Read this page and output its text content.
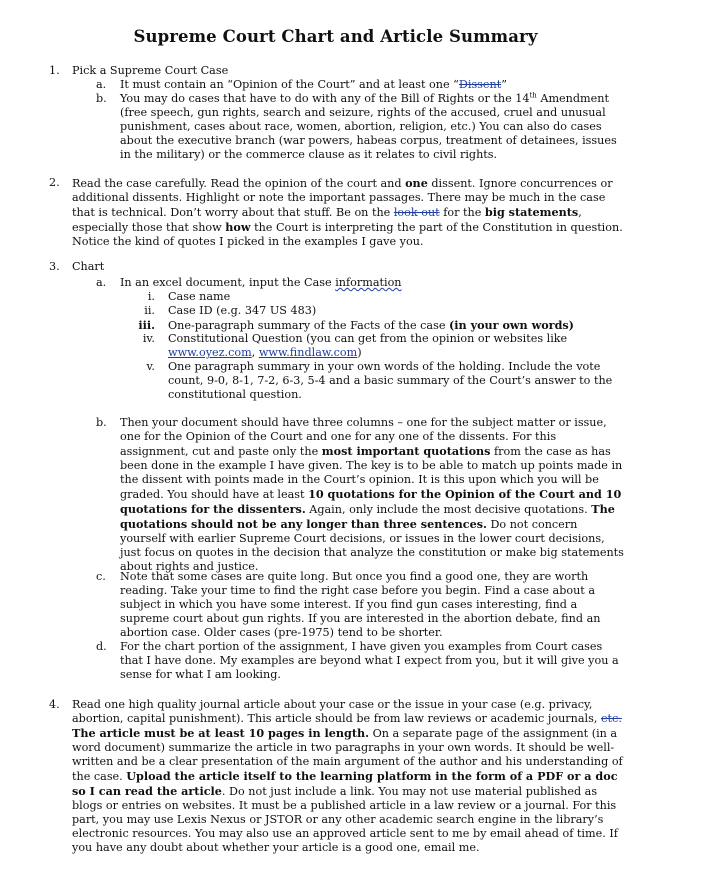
Supreme Court Chart and Article Summary
1. Pick a Supreme Court Case
a. It must contain an “Opinion of the Court” and at least one “Dissent”
b. You may do cases that have to do with any of the Bill of Rights or the 14th Amendment (free speech, gun rights, search and seizure, rights of the accused, cruel and unusual punishment, cases about race, women, abortion, religion, etc.) You can also do cases about the executive branch (war powers, habeas corpus, treatment of detainees, issues in the military) or the commerce clause as it relates to civil rights.
2. Read the case carefully. Read the opinion of the court and one dissent. Ignore concurrences or additional dissents. Highlight or note the important passages. There may be much in the case that is technical. Don’t worry about that stuff. Be on the look out for the big statements, especially those that show how the Court is interpreting the part of the Constitution in question. Notice the kind of quotes I picked in the examples I gave you.
3. Chart
a. In an excel document, input the Case information
i. Case name
ii. Case ID (e.g. 347 US 483)
iii. One-paragraph summary of the Facts of the case (in your own words)
iv. Constitutional Question (you can get from the opinion or websites like www.oyez.com, www.findlaw.com)
v. One paragraph summary in your own words of the holding. Include the vote count, 9-0, 8-1, 7-2, 6-3, 5-4 and a basic summary of the Court’s answer to the constitutional question.
b. Then your document should have three columns – one for the subject matter or issue, one for the Opinion of the Court and one for any one of the dissents. For this assignment, cut and paste only the most important quotations from the case as has been done in the example I have given. The key is to be able to match up points made in the dissent with points made in the Court’s opinion. It is this upon which you will be graded. You should have at least 10 quotations for the Opinion of the Court and 10 quotations for the dissenters. Again, only include the most decisive quotations. The quotations should not be any longer than three sentences. Do not concern yourself with earlier Supreme Court decisions, or issues in the lower court decisions, just focus on quotes in the decision that analyze the constitution or make big statements about rights and justice.
c. Note that some cases are quite long. But once you find a good one, they are worth reading. Take your time to find the right case before you begin. Find a case about a subject in which you have some interest. If you find gun cases interesting, find a supreme court about gun rights. If you are interested in the abortion debate, find an abortion case. Older cases (pre-1975) tend to be shorter.
d. For the chart portion of the assignment, I have given you examples from Court cases that I have done. My examples are beyond what I expect from you, but it will give you a sense for what I am looking.
4. Read one high quality journal article about your case or the issue in your case (e.g. privacy, abortion, capital punishment). This article should be from law reviews or academic journals, etc. The article must be at least 10 pages in length. On a separate page of the assignment (in a word document) summarize the article in two paragraphs in your own words. It should be well-written and be a clear presentation of the main argument of the author and his understanding of the case. Upload the article itself to the learning platform in the form of a PDF or a doc so I can read the article. Do not just include a link. You may not use material published as blogs or entries on websites. It must be a published article in a law review or a journal. For this part, you may use Lexis Nexus or JSTOR or any other academic search engine in the library’s electronic resources. You may also use an approved article sent to me by email ahead of time. If you have any doubt about whether your article is a good one, email me.
